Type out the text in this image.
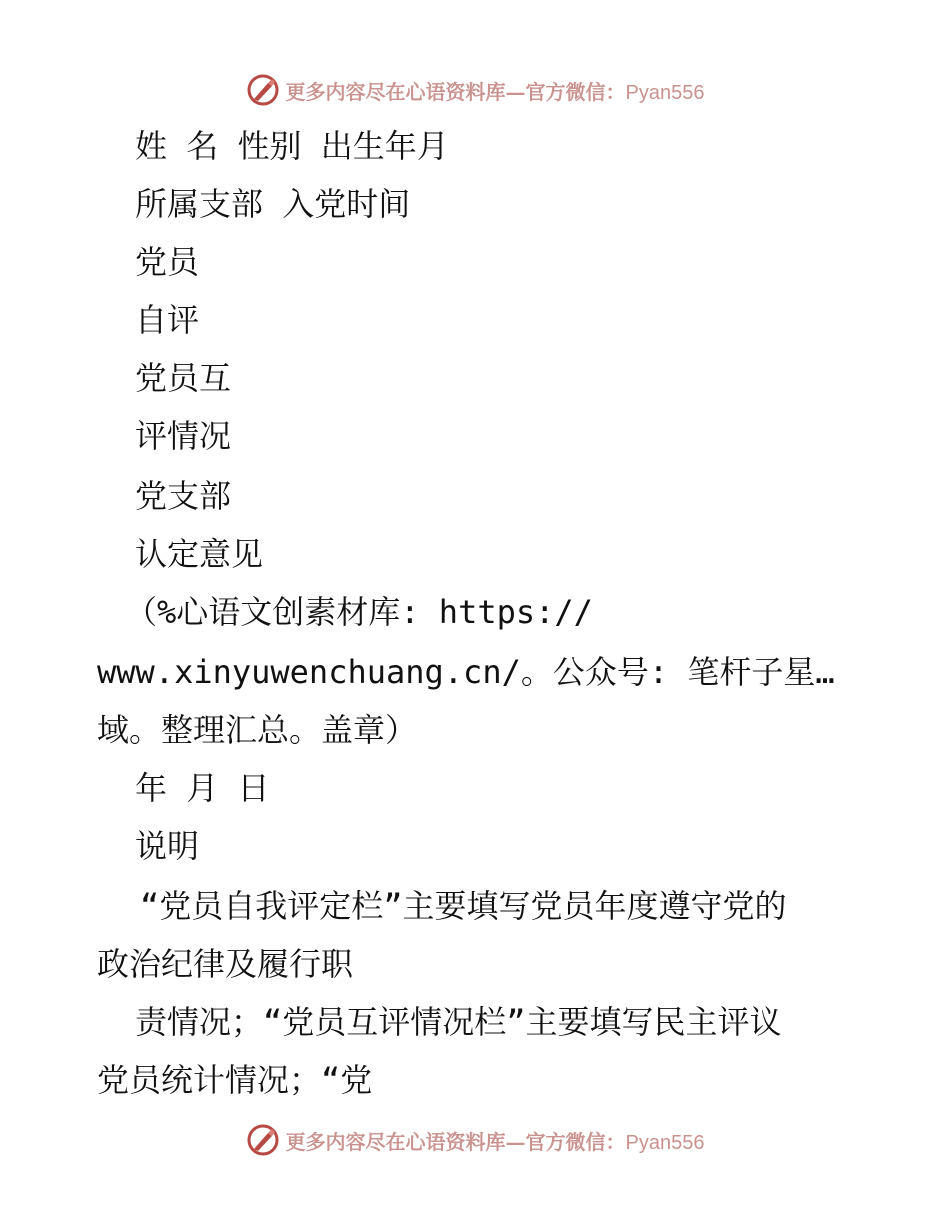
更多内容尽在心语资料库—官方微信：Pyan556
姓 名 性别 出生年月
所属支部 入党时间
党员
自评
党员互
评情况
党支部
认定意见
（%心语文创素材库: https://
www.xinyuwenchuang.cn/。公众号: 笔杆子星…
域。整理汇总。盖章）
年 月 日
说明
“党员自我评定栏”主要填写党员年度遵守党的
政治纪律及履行职
责情况；“党员互评情况栏”主要填写民主评议
党员统计情况；“党
更多内容尽在心语资料库—官方微信：Pyan556
